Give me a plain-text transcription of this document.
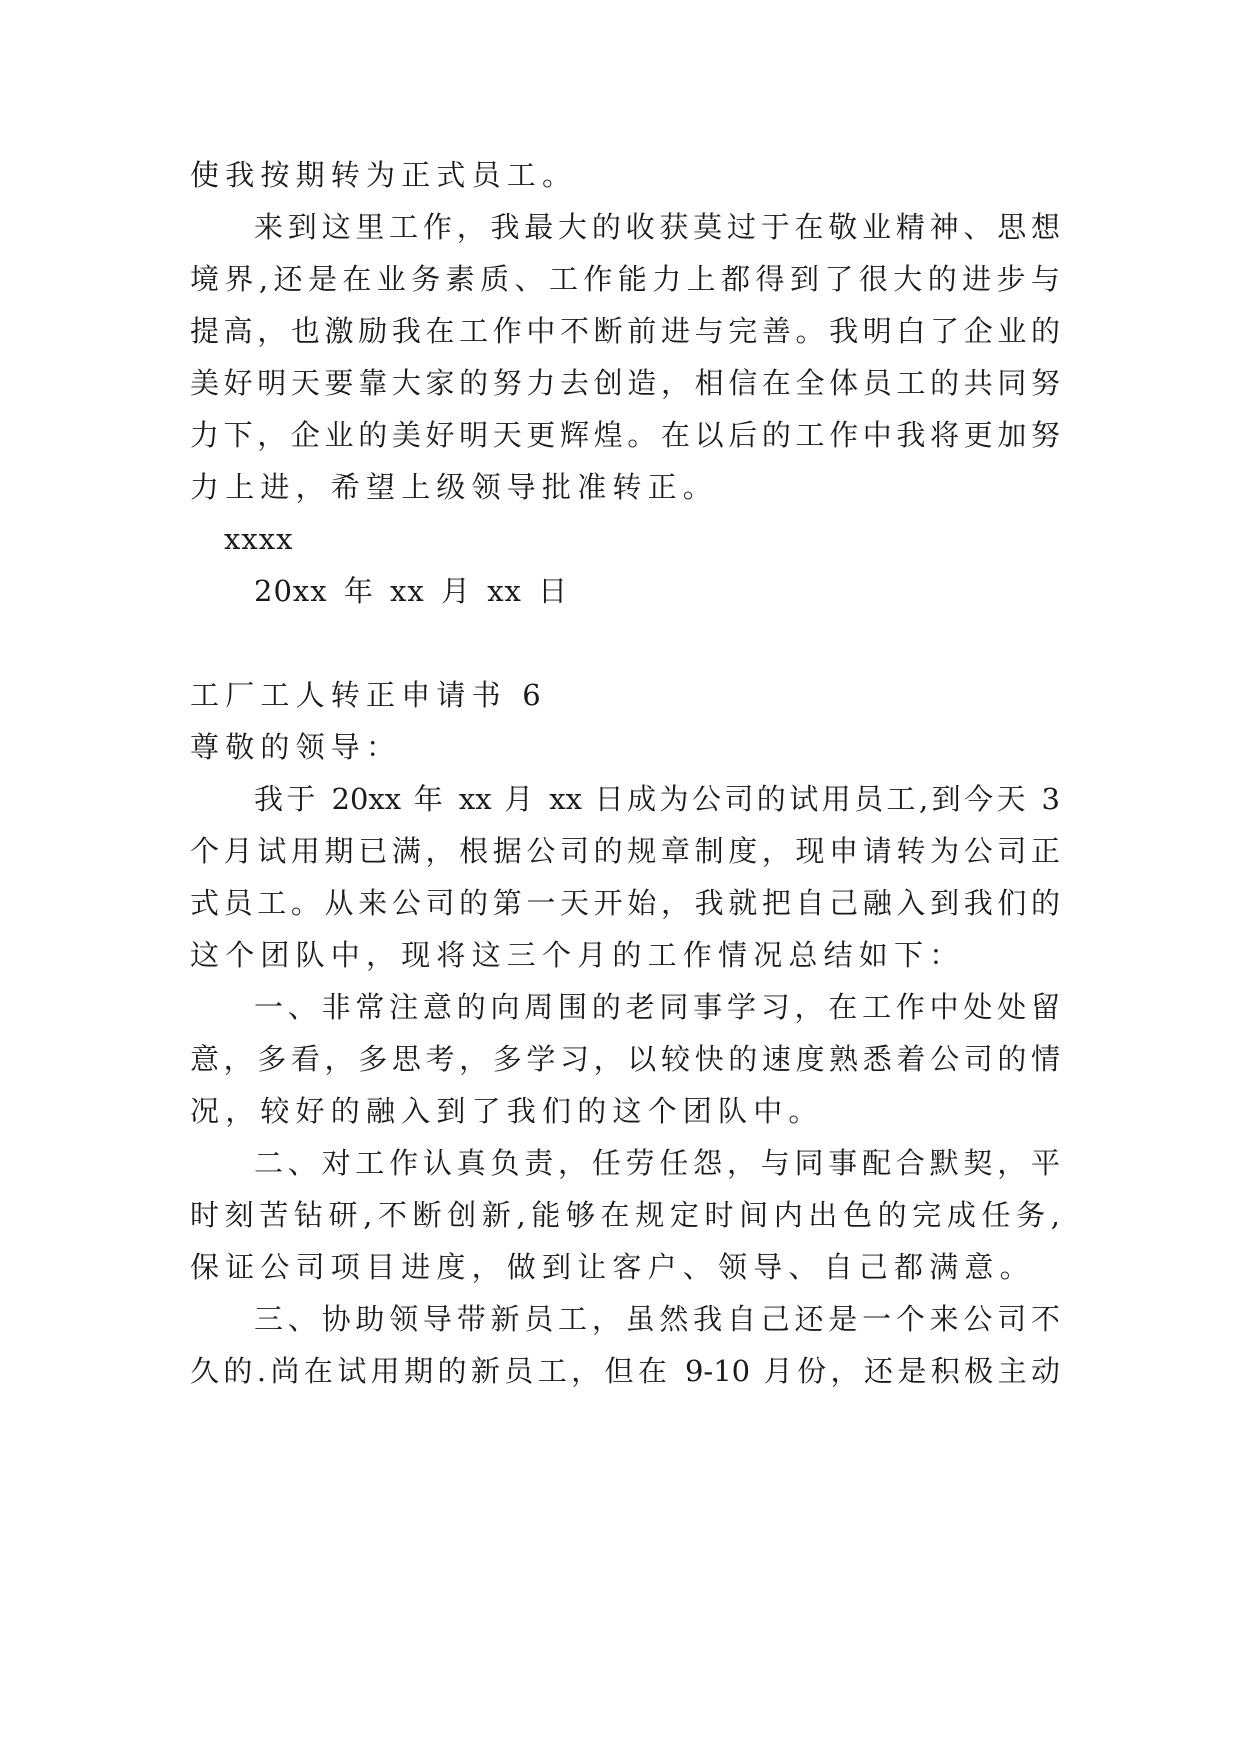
使我按期转为正式员工。
来到这里工作，我最大的收获莫过于在敬业精神、思想
境界,还是在业务素质、工作能力上都得到了很大的进步与
提高，也激励我在工作中不断前进与完善。我明白了企业的
美好明天要靠大家的努力去创造，相信在全体员工的共同努
力下，企业的美好明天更辉煌。在以后的工作中我将更加努
力上进，希望上级领导批准转正。
xxxx
20xx 年 xx 月 xx 日
工厂工人转正申请书 6
尊敬的领导：
我于 20xx 年 xx 月 xx 日成为公司的试用员工,到今天 3
个月试用期已满，根据公司的规章制度，现申请转为公司正
式员工。从来公司的第一天开始，我就把自己融入到我们的
这个团队中，现将这三个月的工作情况总结如下：
一、非常注意的向周围的老同事学习，在工作中处处留
意，多看，多思考，多学习，以较快的速度熟悉着公司的情
况，较好的融入到了我们的这个团队中。
二、对工作认真负责，任劳任怨，与同事配合默契，平
时刻苦钻研,不断创新,能够在规定时间内出色的完成任务,
保证公司项目进度，做到让客户、领导、自己都满意。
三、协助领导带新员工，虽然我自己还是一个来公司不
久的.尚在试用期的新员工，但在 9-10 月份，还是积极主动
